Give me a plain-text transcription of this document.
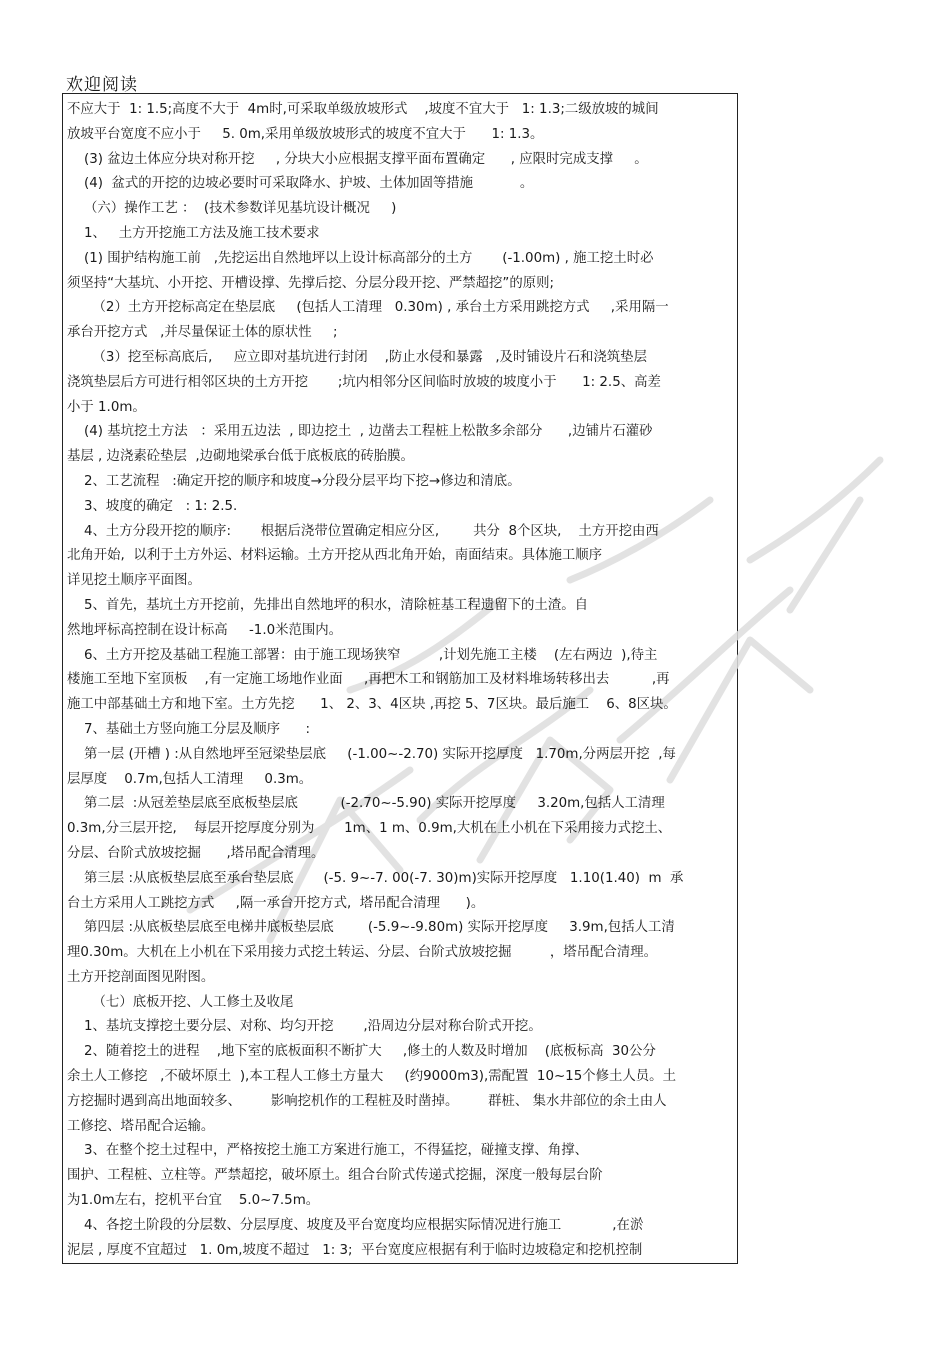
欢迎阅读
不应大于  1: 1.5;高度不大于  4m时,可采取单级放坡形式    ,坡度不宜大于   1: 1.3;二级放坡的城间
放坡平台宽度不应小于     5. 0m,采用单级放坡形式的坡度不宜大于      1: 1.3。
(3) 盆边土体应分块对称开挖     , 分块大小应根据支撑平面布置确定      , 应限时完成支撑     。
(4)  盆式的开挖的边坡必要时可采取降水、护坡、土体加固等措施           。
（六）操作工艺 ：  (技术参数详见基坑设计概况     )
1、   土方开挖施工方法及施工技术要求
(1) 围护结构施工前   ,先挖运出自然地坪以上设计标高部分的土方       (-1.00m) , 施工挖土时必
须坚持“大基坑、小开挖、开槽设撑、先撑后挖、分层分段开挖、严禁超挖”的原则;
（2）土方开挖标高定在垫层底     (包括人工清理   0.30m) , 承台土方采用跳挖方式     ,采用隔一
承台开挖方式   ,并尽量保证土体的原状性     ;
（3）挖至标高底后,     应立即对基坑进行封闭    ,防止水侵和暴露   ,及时铺设片石和浇筑垫层
浇筑垫层后方可进行相邻区块的土方开挖       ;坑内相邻分区间临时放坡的坡度小于      1: 2.5、高差
小于 1.0m。
(4) 基坑挖土方法   ：采用五边法  , 即边挖土  , 边凿去工程桩上松散多余部分      ,边铺片石灌砂
基层 , 边浇素砼垫层  ,边砌地梁承台低于底板底的砖胎膜。
2、工艺流程   :确定开挖的顺序和坡度→分段分层平均下挖→修边和清底。
3、坡度的确定   : 1: 2.5.
4、土方分段开挖的顺序:       根据后浇带位置确定相应分区,        共分  8个区块,    土方开挖由西
北角开始,  以利于土方外运、材料运输。土方开挖从西北角开始，南面结束。具体施工顺序
详见挖土顺序平面图。
5、首先，基坑土方开挖前，先排出自然地坪的积水，清除桩基工程遗留下的土渣。自
然地坪标高控制在设计标高     -1.0米范围内。
6、土方开挖及基础工程施工部署：由于施工现场狭窄         ,计划先施工主楼    (左右两边  ),待主
楼施工至地下室顶板    ,有一定施工场地作业面     ,再把木工和钢筋加工及材料堆场转移出去          ,再
施工中部基础土方和地下室。土方先挖      1、 2、3、4区块 ,再挖 5、7区块。最后施工    6、8区块。
7、基础土方竖向施工分层及顺序      :
第一层 (开槽 ) :从自然地坪至冠梁垫层底     (-1.00~-2.70) 实际开挖厚度   1.70m,分两层开挖  ,每
层厚度    0.7m,包括人工清理     0.3m。
第二层  :从冠差垫层底至底板垫层底          (-2.70~-5.90) 实际开挖厚度     3.20m,包括人工清理
0.3m,分三层开挖,    每层开挖厚度分别为       1m、1 m、0.9m,大机在上小机在下采用接力式挖土、
分层、台阶式放坡挖掘      ,塔吊配合清理。
第三层 :从底板垫层底至承台垫层底       (-5. 9~-7. 00(-7. 30)m)实际开挖厚度   1.10(1.40)  m  承
台土方采用人工跳挖方式     ,隔一承台开挖方式,  塔吊配合清理      )。
第四层 :从底板垫层底至电梯井底板垫层底        (-5.9~-9.80m) 实际开挖厚度     3.9m,包括人工清
理0.30m。大机在上小机在下采用接力式挖土转运、分层、台阶式放坡挖掘         ，塔吊配合清理。
土方开挖剖面图见附图。
（七）底板开挖、人工修土及收尾
1、基坑支撑挖土要分层、对称、均匀开挖       ,沿周边分层对称台阶式开挖。
2、随着挖土的进程    ,地下室的底板面积不断扩大     ,修土的人数及时增加    (底板标高  30公分
余土人工修挖   ,不破坏原土  ),本工程人工修土方量大     (约9000m3),需配置  10~15个修土人员。土
方挖掘时遇到高出地面较多、       影响挖机作的工程桩及时凿掉。       群桩、 集水井部位的余土由人
工修挖、塔吊配合运输。
3、在整个挖土过程中，严格按挖土施工方案进行施工，不得猛挖，碰撞支撑、角撑、
围护、工程桩、立柱等。严禁超挖，破坏原土。组合台阶式传递式挖掘，深度一般每层台阶
为1.0m左右，挖机平台宜    5.0~7.5m。
4、各挖土阶段的分层数、分层厚度、坡度及平台宽度均应根据实际情况进行施工            ,在淤
泥层 , 厚度不宜超过   1. 0m,坡度不超过   1: 3;  平台宽度应根据有利于临时边坡稳定和挖机控制
